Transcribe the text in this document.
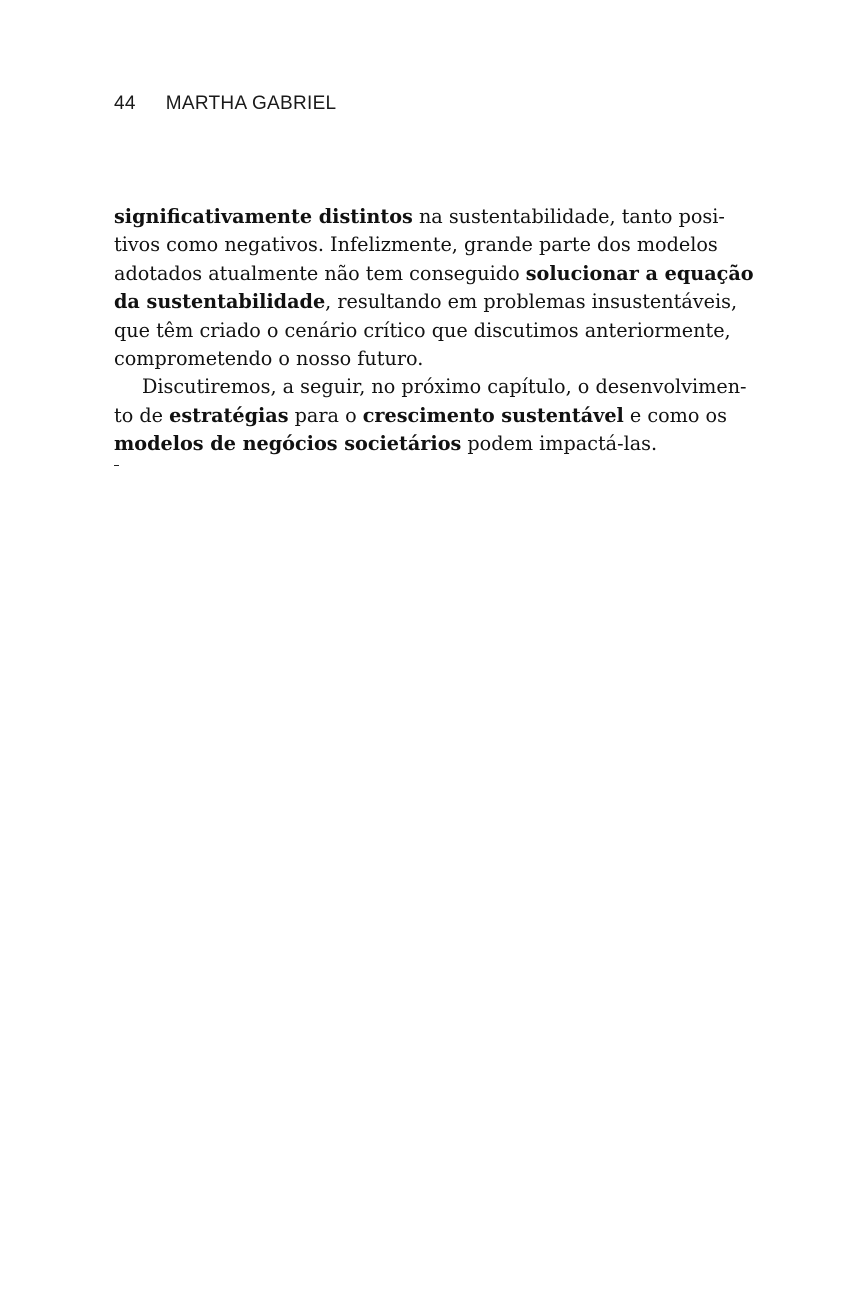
44 MARTHA GABRIEL
significativamente distintos na sustentabilidade, tanto posi-
tivos como negativos. Infelizmente, grande parte dos modelos
adotados atualmente não tem conseguido solucionar a equação
da sustentabilidade, resultando em problemas insustentáveis,
que têm criado o cenário crítico que discutimos anteriormente,
comprometendo o nosso futuro.
Discutiremos, a seguir, no próximo capítulo, o desenvolvimen-
to de estratégias para o crescimento sustentável e como os
modelos de negócios societários podem impactá-las.
